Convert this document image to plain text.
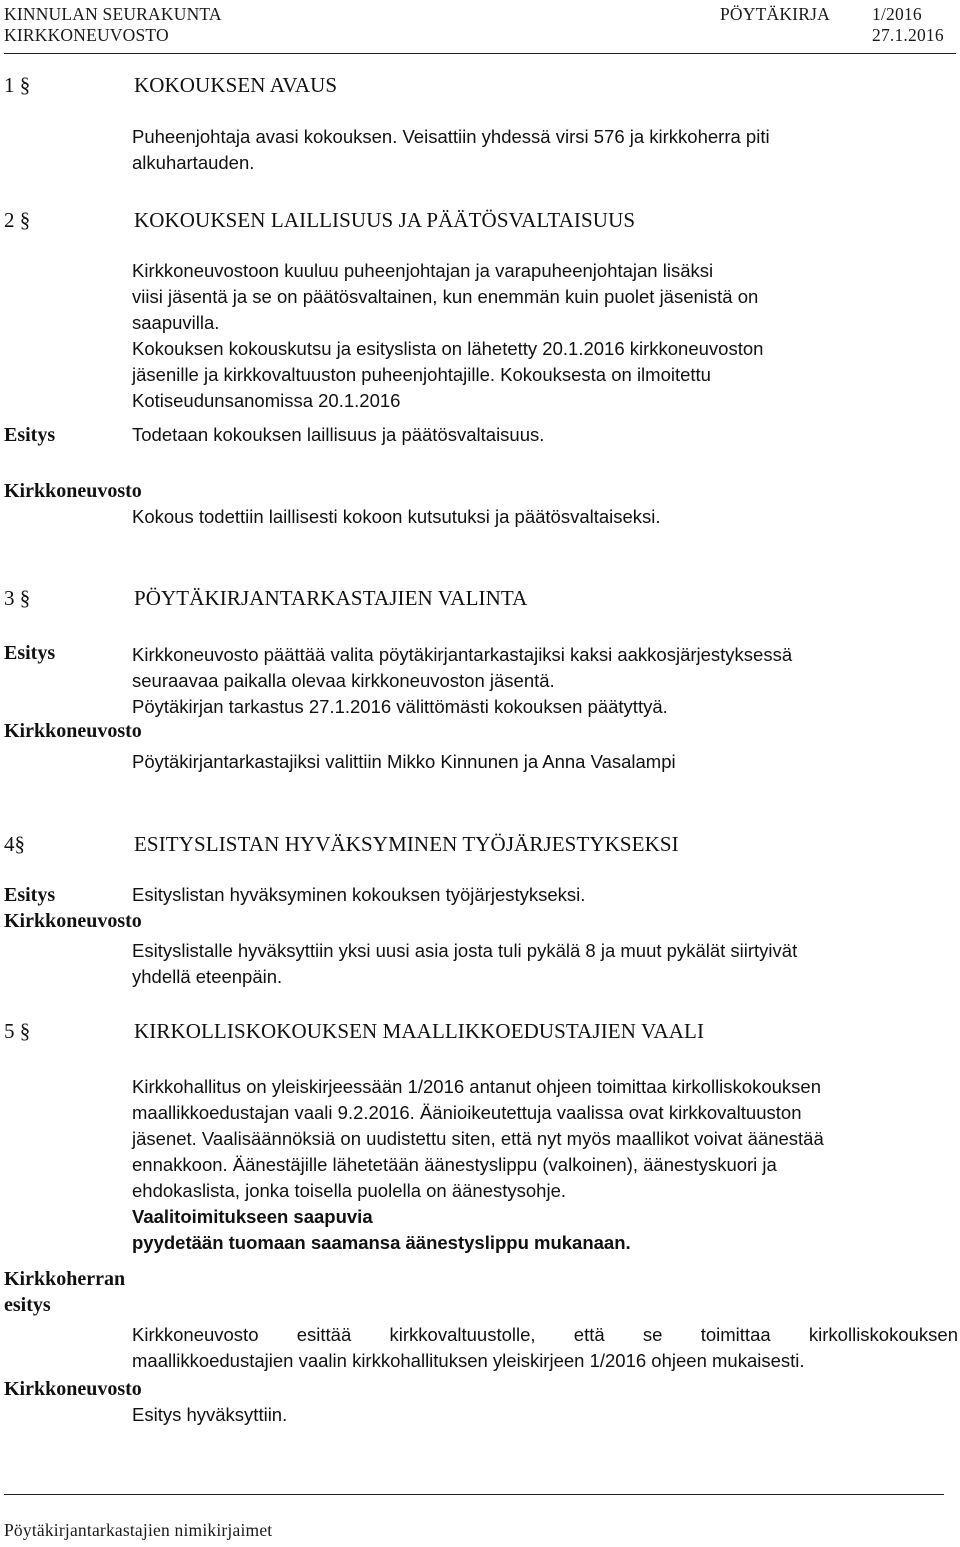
KINNULAN SEURAKUNTA
KIRKKONEUVOSTO
PÖYTÄKIRJA 1/2016
27.1.2016
1 §	KOKOUKSEN AVAUS
Puheenjohtaja avasi kokouksen. Veisattiin yhdessä virsi 576 ja kirkkoherra piti
alkuhartauden.
2 §	KOKOUKSEN LAILLISUUS JA PÄÄTÖSVALTAISUUS
Kirkkoneuvostoon kuuluu puheenjohtajan ja varapuheenjohtajan lisäksi
viisi jäsentä ja se on päätösvaltainen, kun enemmän kuin puolet jäsenistä on
saapuvilla.
Kokouksen kokouskutsu ja esityslista on lähetetty 20.1.2016 kirkkoneuvoston
jäsenille ja kirkkovaltuuston puheenjohtajille. Kokouksesta on ilmoitettu
Kotiseudunsanomissa 20.1.2016
Esitys	Todetaan kokouksen laillisuus ja päätösvaltaisuus.
Kirkkoneuvosto
Kokous todettiin laillisesti kokoon kutsutuksi ja päätösvaltaiseksi.
3 §	PÖYTÄKIRJANTARKASTAJIEN VALINTA
Esitys	Kirkkoneuvosto päättää valita pöytäkirjantarkastajiksi kaksi aakkosjärjestyksessä
seuraavaa paikalla olevaa kirkkoneuvoston jäsentä.
Pöytäkirjan tarkastus 27.1.2016 välittömästi kokouksen päätyttyä.
Kirkkoneuvosto
Pöytäkirjantarkastajiksi valittiin Mikko Kinnunen ja Anna Vasalampi
4§	ESITYSLISTAN HYVÄKSYMINEN TYÖJÄRJESTYKSEKSI
Esitys	Esityslistan hyväksyminen kokouksen työjärjestykseksi.
Kirkkoneuvosto
Esityslistalle hyväksyttiin yksi uusi asia josta tuli pykälä 8 ja muut pykälät siirtyivät
yhdellä eteenpäin.
5 §	KIRKOLLISKOKOUKSEN MAALLIKKOEDUSTAJIEN VAALI
Kirkkohallitus on yleiskirjeessään 1/2016 antanut ohjeen toimittaa kirkolliskokouksen
maallikkoedustajan vaali 9.2.2016. Äänioikeutettuja vaalissa ovat kirkkovaltuuston
jäsenet. Vaalisäännöksiä on uudistettu siten, että nyt myös maallikot voivat äänestää
ennakkoon. Äänestäjille lähetetään äänestyslippu (valkoinen), äänestyskuori ja
ehdokaslista, jonka toisella puolella on äänestysohje.
Vaalitoimitukseen saapuvia
pyydetään tuomaan saamansa äänestyslippu mukanaan.
Kirkkoherran
esitys
Kirkkoneuvosto esittää kirkkovaltuustolle, että se toimittaa kirkolliskokouksen
maallikkoedustajien vaalin kirkkohallituksen yleiskirjeen 1/2016 ohjeen mukaisesti.
Kirkkoneuvosto
Esitys hyväksyttiin.
Pöytäkirjantarkastajien nimikirjaimet
